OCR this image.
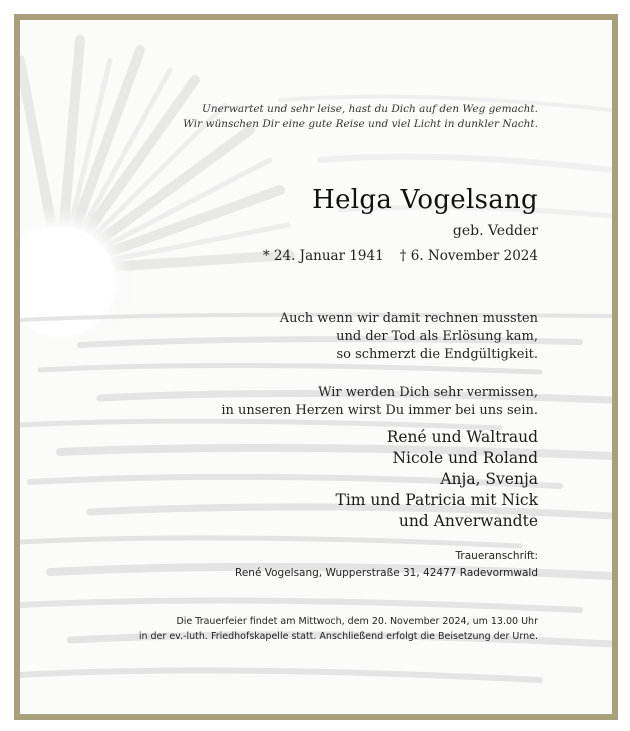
Unerwartet und sehr leise, hast du Dich auf den Weg gemacht.
Wir wünschen Dir eine gute Reise und viel Licht in dunkler Nacht.
Helga Vogelsang
geb. Vedder
* 24. Januar 1941 † 6. November 2024
Auch wenn wir damit rechnen mussten
und der Tod als Erlösung kam,
so schmerzt die Endgültigkeit.
Wir werden Dich sehr vermissen,
in unseren Herzen wirst Du immer bei uns sein.
René und Waltraud
Nicole und Roland
Anja, Svenja
Tim und Patricia mit Nick
und Anverwandte
Traueranschrift:
René Vogelsang, Wupperstraße 31, 42477 Radevormwald
Die Trauerfeier findet am Mittwoch, dem 20. November 2024, um 13.00 Uhr
in der ev.-luth. Friedhofskapelle statt. Anschließend erfolgt die Beisetzung der Urne.
